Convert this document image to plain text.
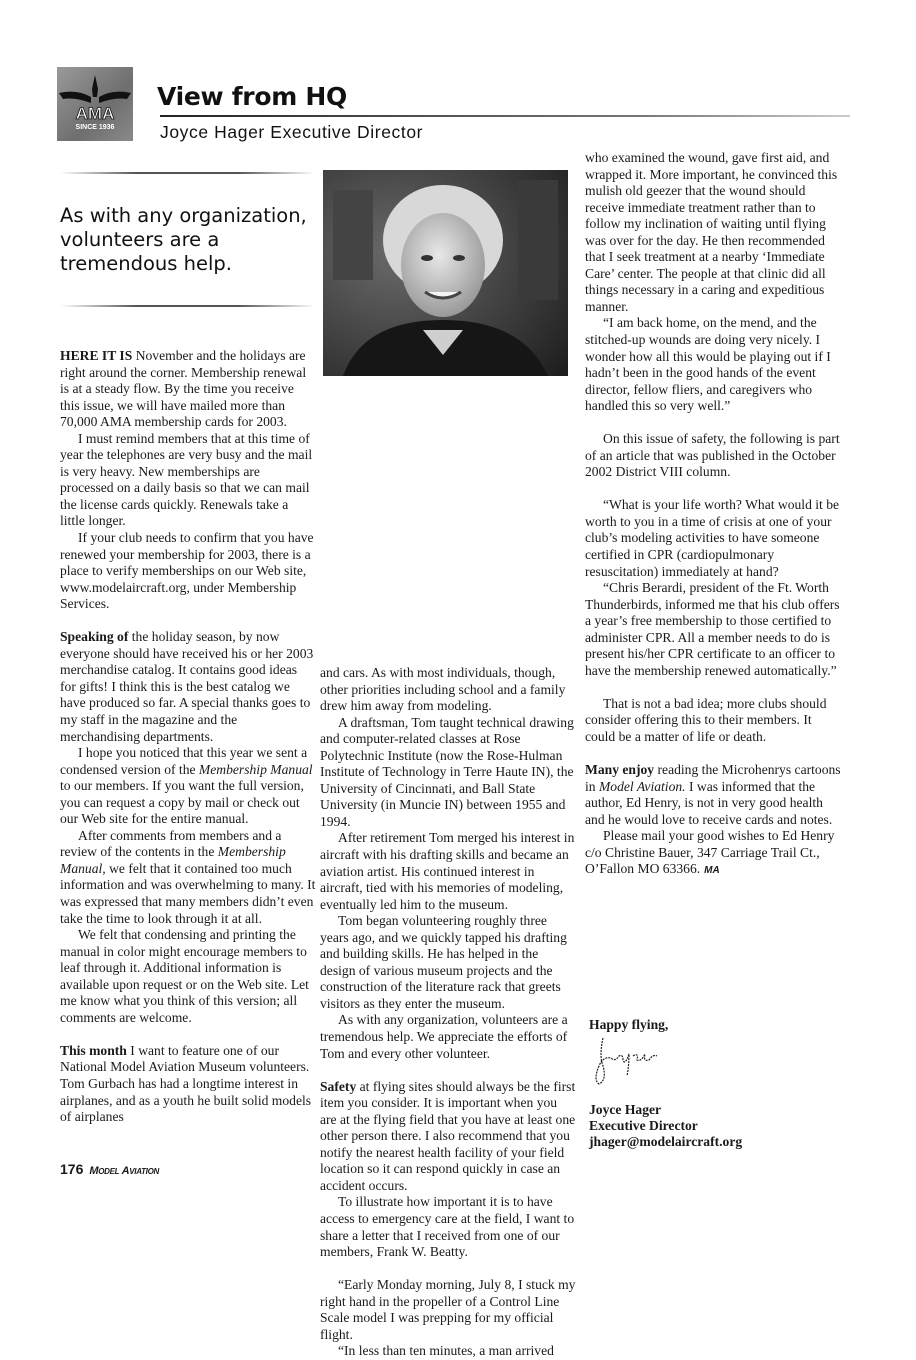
AMA
SINCE 1936
View from HQ
Joyce Hager Executive Director
As with any organization, volunteers are a tremendous help.

HERE IT IS November and the holidays are right around the corner. Membership renewal is at a steady flow. By the time you receive this issue, we will have mailed more than 70,000 AMA membership cards for 2003.

I must remind members that at this time of year the telephones are very busy and the mail is very heavy. New memberships are processed on a daily basis so that we can mail the license cards quickly. Renewals take a little longer.

If your club needs to confirm that you have renewed your membership for 2003, there is a place to verify memberships on our Web site, www.modelaircraft.org, under Membership Services.

Speaking of the holiday season, by now everyone should have received his or her 2003 merchandise catalog. It contains good ideas for gifts! I think this is the best catalog we have produced so far. A special thanks goes to my staff in the magazine and the merchandising departments.

I hope you noticed that this year we sent a condensed version of the Membership Manual to our members. If you want the full version, you can request a copy by mail or check out our Web site for the entire manual.

After comments from members and a review of the contents in the Membership Manual, we felt that it contained too much information and was overwhelming to many. It was expressed that many members didn’t even take the time to look through it at all.

We felt that condensing and printing the manual in color might encourage members to leaf through it. Additional information is available upon request or on the Web site. Let me know what you think of this version; all comments are welcome.

This month I want to feature one of our National Model Aviation Museum volunteers. Tom Gurbach has had a longtime interest in airplanes, and as a youth he built solid models of airplanes

and cars. As with most individuals, though, other priorities including school and a family drew him away from modeling.

A draftsman, Tom taught technical drawing and computer-related classes at Rose Polytechnic Institute (now the Rose-Hulman Institute of Technology in Terre Haute IN), the University of Cincinnati, and Ball State University (in Muncie IN) between 1955 and 1994.

After retirement Tom merged his interest in aircraft with his drafting skills and became an aviation artist. His continued interest in aircraft, tied with his memories of modeling, eventually led him to the museum.

Tom began volunteering roughly three years ago, and we quickly tapped his drafting and building skills. He has helped in the design of various museum projects and the construction of the literature rack that greets visitors as they enter the museum.

As with any organization, volunteers are a tremendous help. We appreciate the efforts of Tom and every other volunteer.

Safety at flying sites should always be the first item you consider. It is important when you are at the flying field that you have at least one other person there. I also recommend that you notify the nearest health facility of your field location so it can respond quickly in case an accident occurs.

To illustrate how important it is to have access to emergency care at the field, I want to share a letter that I received from one of our members, Frank W. Beatty.

“Early Monday morning, July 8, I stuck my right hand in the propeller of a Control Line Scale model I was prepping for my official flight.

“In less than ten minutes, a man arrived

who examined the wound, gave first aid, and wrapped it. More important, he convinced this mulish old geezer that the wound should receive immediate treatment rather than to follow my inclination of waiting until flying was over for the day. He then recommended that I seek treatment at a nearby ‘Immediate Care’ center. The people at that clinic did all things necessary in a caring and expeditious manner.

“I am back home, on the mend, and the stitched-up wounds are doing very nicely. I wonder how all this would be playing out if I hadn’t been in the good hands of the event director, fellow fliers, and caregivers who handled this so very well.”

On this issue of safety, the following is part of an article that was published in the October 2002 District VIII column.

“What is your life worth? What would it be worth to you in a time of crisis at one of your club’s modeling activities to have someone certified in CPR (cardiopulmonary resuscitation) immediately at hand?

“Chris Berardi, president of the Ft. Worth Thunderbirds, informed me that his club offers a year’s free membership to those certified to administer CPR. All a member needs to do is present his/her CPR certificate to an officer to have the membership renewed automatically.”

That is not a bad idea; more clubs should consider offering this to their members. It could be a matter of life or death.

Many enjoy reading the Microhenrys cartoons in Model Aviation. I was informed that the author, Ed Henry, is not in very good health and he would love to receive cards and notes.

Please mail your good wishes to Ed Henry c/o Christine Bauer, 347 Carriage Trail Ct., O’Fallon MO 63366. MA

Happy flying,
Joyce Hager
Executive Director
jhager@modelaircraft.org
176 Model Aviation
